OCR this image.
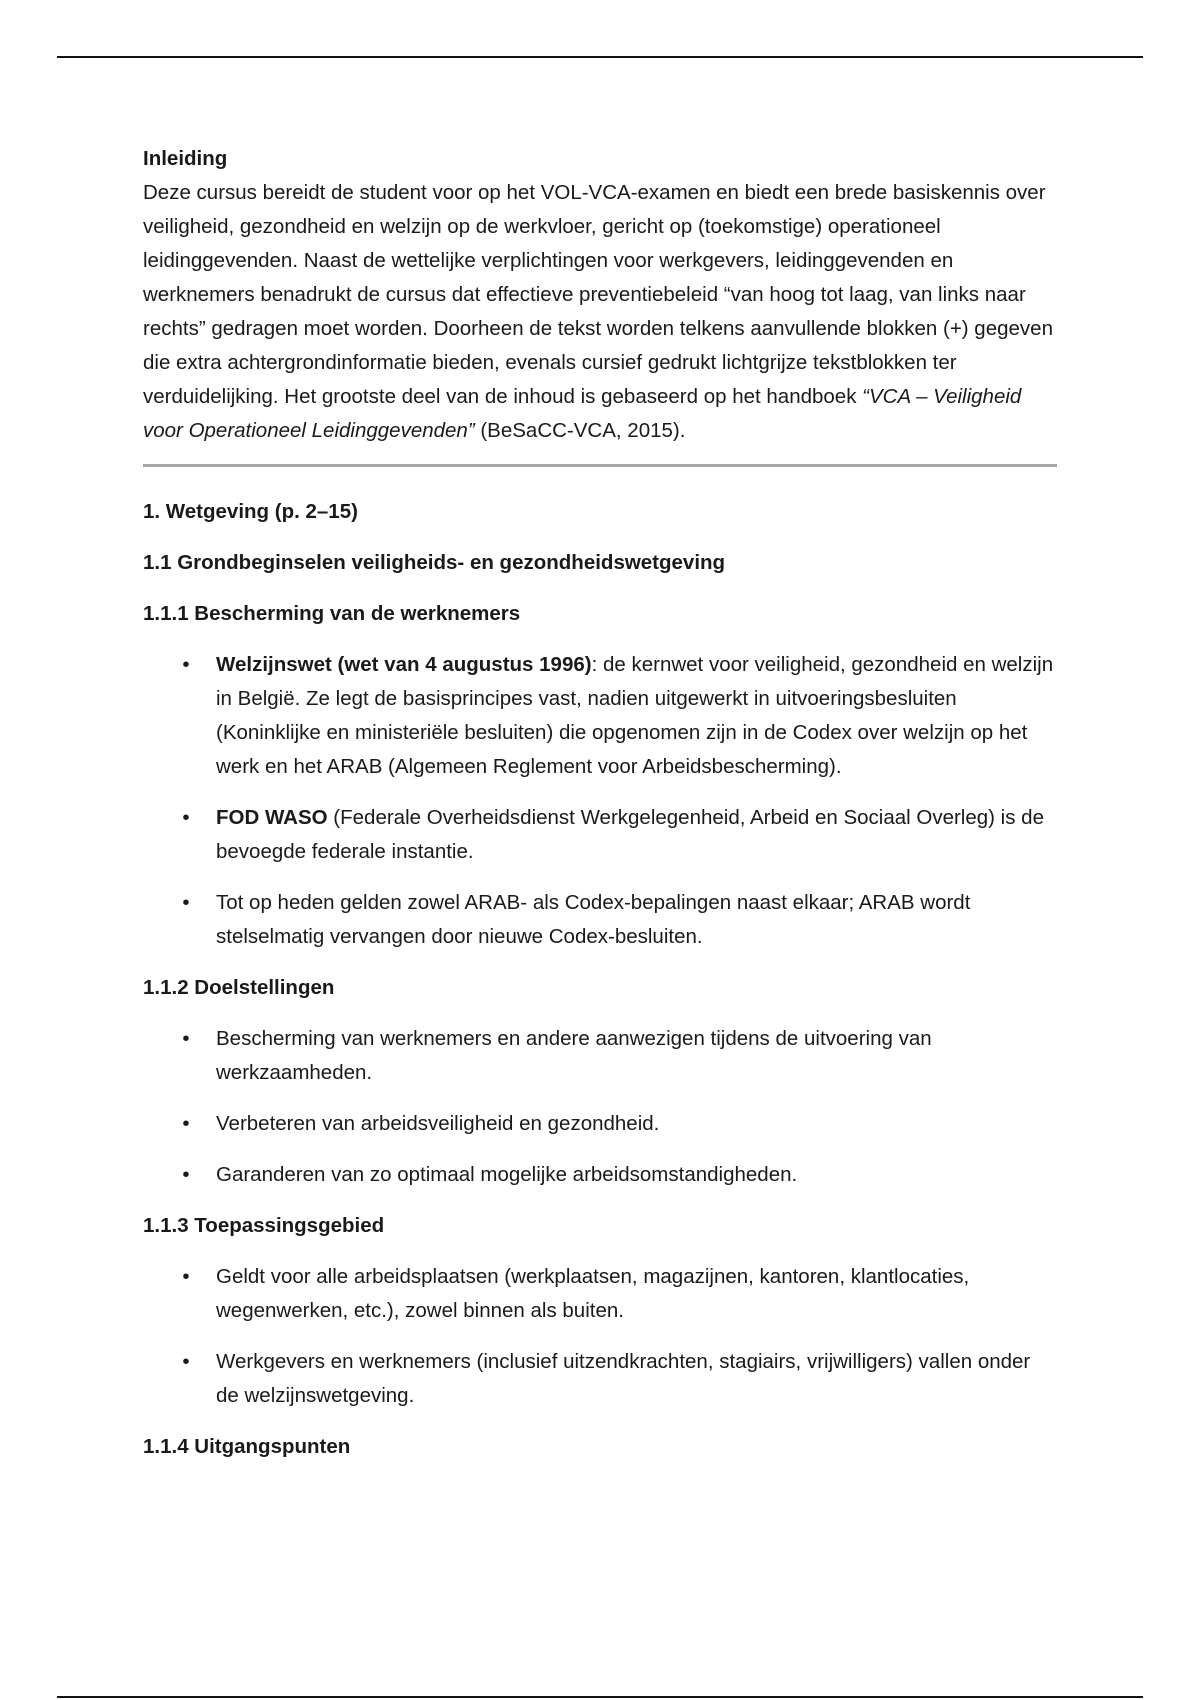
Inleiding

Deze cursus bereidt de student voor op het VOL-VCA-examen en biedt een brede basiskennis over veiligheid, gezondheid en welzijn op de werkvloer, gericht op (toekomstige) operationeel leidinggevenden. Naast de wettelijke verplichtingen voor werkgevers, leidinggevenden en werknemers benadrukt de cursus dat effectieve preventiebeleid “van hoog tot laag, van links naar rechts” gedragen moet worden. Doorheen de tekst worden telkens aanvullende blokken (+) gegeven die extra achtergrondinformatie bieden, evenals cursief gedrukt lichtgrijze tekstblokken ter verduidelijking. Het grootste deel van de inhoud is gebaseerd op het handboek “VCA – Veiligheid voor Operationeel Leidinggevenden” (BeSaCC-VCA, 2015).

1. Wetgeving (p. 2–15)

1.1 Grondbeginselen veiligheids- en gezondheidswetgeving

1.1.1 Bescherming van de werknemers

• Welzijnswet (wet van 4 augustus 1996): de kernwet voor veiligheid, gezondheid en welzijn in België. Ze legt de basisprincipes vast, nadien uitgewerkt in uitvoeringsbesluiten (Koninklijke en ministeriële besluiten) die opgenomen zijn in de Codex over welzijn op het werk en het ARAB (Algemeen Reglement voor Arbeidsbescherming).
• FOD WASO (Federale Overheidsdienst Werkgelegenheid, Arbeid en Sociaal Overleg) is de bevoegde federale instantie.
• Tot op heden gelden zowel ARAB- als Codex-bepalingen naast elkaar; ARAB wordt stelselmatig vervangen door nieuwe Codex-besluiten.

1.1.2 Doelstellingen

• Bescherming van werknemers en andere aanwezigen tijdens de uitvoering van werkzaamheden.
• Verbeteren van arbeidsveiligheid en gezondheid.
• Garanderen van zo optimaal mogelijke arbeidsomstandigheden.

1.1.3 Toepassingsgebied

• Geldt voor alle arbeidsplaatsen (werkplaatsen, magazijnen, kantoren, klantlocaties, wegenwerken, etc.), zowel binnen als buiten.
• Werkgevers en werknemers (inclusief uitzendkrachten, stagiairs, vrijwilligers) vallen onder de welzijnswetgeving.

1.1.4 Uitgangspunten
